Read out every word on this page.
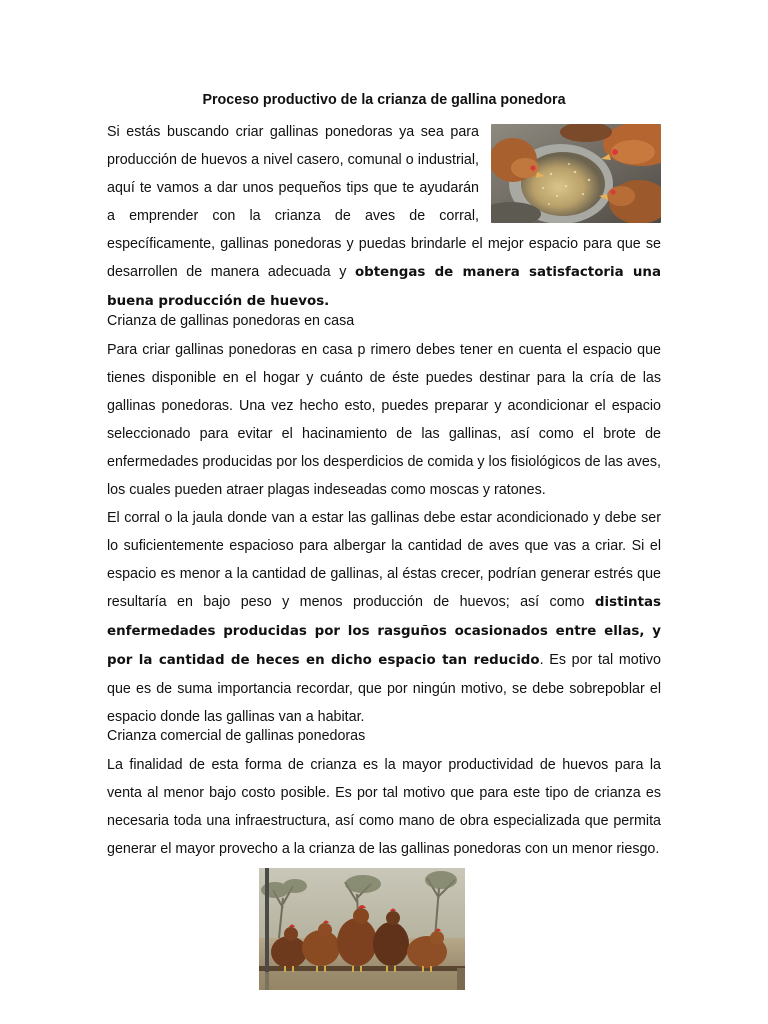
Proceso productivo de la crianza de gallina ponedora

Si estás buscando criar gallinas ponedoras ya sea para producción de huevos a nivel casero, comunal o industrial, aquí te vamos a dar unos pequeños tips que te ayudarán a emprender con la crianza de aves de corral, específicamente, gallinas ponedoras y puedas brindarle el mejor espacio para que se desarrollen de manera adecuada y obtengas de manera satisfactoria una buena producción de huevos.

Crianza de gallinas ponedoras en casa

Para criar gallinas ponedoras en casa p rimero debes tener en cuenta el espacio que tienes disponible en el hogar y cuánto de éste puedes destinar para la cría de las gallinas ponedoras. Una vez hecho esto, puedes preparar y acondicionar el espacio seleccionado para evitar el hacinamiento de las gallinas, así como el brote de enfermedades producidas por los desperdicios de comida y los fisiológicos de las aves, los cuales pueden atraer plagas indeseadas como moscas y ratones.

El corral o la jaula donde van a estar las gallinas debe estar acondicionado y debe ser lo suficientemente espacioso para albergar la cantidad de aves que vas a criar. Si el espacio es menor a la cantidad de gallinas, al éstas crecer, podrían generar estrés que resultaría en bajo peso y menos producción de huevos; así como distintas enfermedades producidas por los rasguños ocasionados entre ellas, y por la cantidad de heces en dicho espacio tan reducido. Es por tal motivo que es de suma importancia recordar, que por ningún motivo, se debe sobrepoblar el espacio donde las gallinas van a habitar.

Crianza comercial de gallinas ponedoras

La finalidad de esta forma de crianza es la mayor productividad de huevos para la venta al menor bajo costo posible. Es por tal motivo que para este tipo de crianza es necesaria toda una infraestructura, así como mano de obra especializada que permita generar el mayor provecho a la crianza de las gallinas ponedoras con un menor riesgo.
